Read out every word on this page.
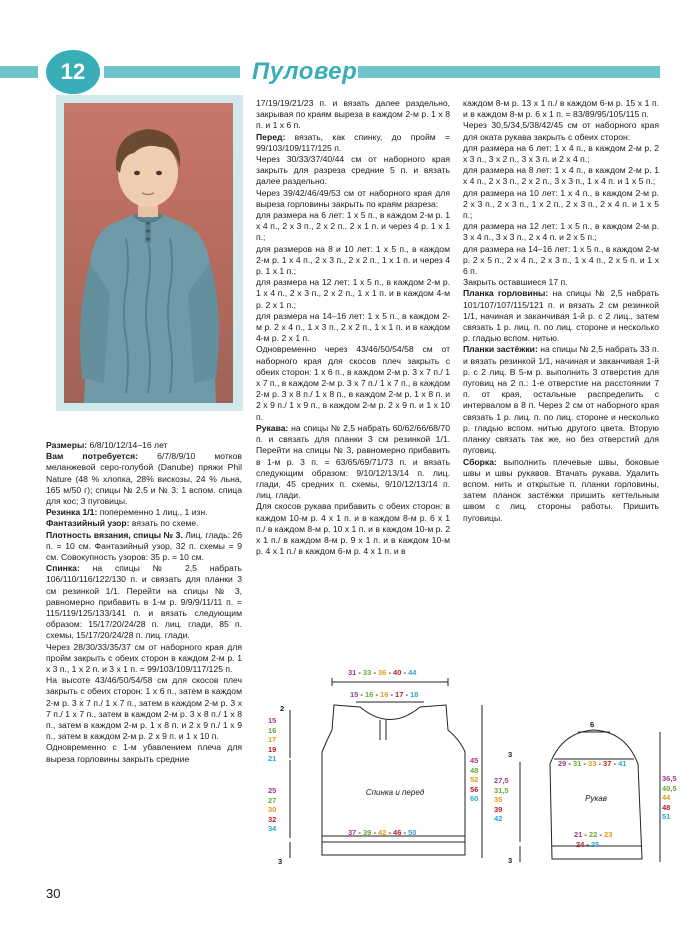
12	Пуловер

Размеры: 6/8/10/12/14–16 лет

Вам потребуется: 6/7/8/9/10 мотков меланжевой серо-голубой (Danube) пряжи Phil Nature (48 % хлопка, 28% вискозы, 24 % льна, 165 м/50 г); спицы № 2,5 и № 3: 1 вспом. спица для кос; 3 пуговицы.

Резинка 1/1: попеременно 1 лиц., 1 изн.

Фантазийный узор: вязать по схеме.

Плотность вязания, спицы № 3. Лиц. гладь: 26 п. = 10 см. Фантазийный узор, 32 п. схемы = 9 см. Совокупность узоров: 35 р. = 10 см.

Спинка: на спицы № 2,5 набрать 106/110/116/122/130 п. и связать для планки 3 см резинкой 1/1. Перейти на спицы № 3, равномерно прибавить в 1-м р. 9/9/9/11/11 п. = 115/119/125/133/141 п. и вязать следующим образом: 15/17/20/24/28 п. лиц. глади, 85 п. схемы, 15/17/20/24/28 п. лиц. глади.

Через 28/30/33/35/37 см от наборного края для пройм закрыть с обеих сторон в каждом 2-м р. 1 х 3 п., 1 х 2 п. и 3 х 1 п. = 99/103/109/117/125 п.

На высоте 43/46/50/54/58 см для скосов плеч закрыть с обеих сторон: 1 х 6 п., затем в каждом 2-м р. 3 х 7 п./ 1 х 7 п., затем в каждом 2-м р. 3 х 7 п./ 1 х 7 п., затем в каждом 2-м р. 3 х 8 п./ 1 х 8 п., затем в каждом 2-м р. 1 х 8 п. и 2 х 9 п./ 1 х 9 п., затем в каждом 2-м р. 2 х 9 п. и 1 х 10 п.

Одновременно с 1-м убавлением плеча для выреза горловины закрыть средние

17/19/19/21/23 п. и вязать далее раздельно, закрывая по краям выреза в каждом 2-м р. 1 х 8 п. и 1 х 6 п.

Перед: вязать, как спинку, до пройм = 99/103/109/117/125 п.

Через 30/33/37/40/44 см от наборного края закрыть для разреза средние 5 п. и вязать далее раздельно.

Через 39/42/46/49/53 см от наборного края для выреза горловины закрыть по краям разреза:

для размера на 6 лет: 1 х 5 п., в каждом 2-м р. 1 х 4 п., 2 х 3 п., 2 х 2 п., 2 х 1 п. и через 4 р. 1 х 1 п.;

для размеров на 8 и 10 лет: 1 х 5 п., в каждом 2-м р. 1 х 4 п., 2 х 3 п., 2 х 2 п., 1 х 1 п. и через 4 р. 1 х 1 п.;

для размера на 12 лет: 1 х 5 п., в каждом 2-м р. 1 х 4 п., 2 х 3 п., 2 х 2 п., 1 х 1 п. и в каждом 4-м р. 2 х 1 п.;

для размера на 14–16 лет: 1 х 5 п., в каждом 2-м р. 2 х 4 п., 1 х 3 п., 2 х 2 п., 1 х 1 п. и в каждом 4-м р. 2 х 1 п.

Одновременно через 43/46/50/54/58 см от наборного края для скосов плеч закрыть с обеих сторон: 1 х 6 п., в каждом 2-м р. 3 х 7 п./ 1 х 7 п., в каждом 2-м р. 3 х 7 п./ 1 х 7 п., в каждом 2-м р. 3 х 8 п./ 1 х 8 п., в каждом 2-м р. 1 х 8 п. и 2 х 9 п./ 1 х 9 п., в каждом 2-м р. 2 х 9 п. и 1 х 10 п.

Рукава: на спицы № 2,5 набрать 60/62/66/68/70 п. и связать для планки 3 см резинкой 1/1. Перейти на спицы № 3, равномерно прибавить в 1-м р. 3 п. = 63/65/69/71/73 п. и вязать следующим образом: 9/10/12/13/14 п. лиц. глади, 45 средних п. схемы, 9/10/12/13/14 п. лиц. глади.

Для скосов рукава прибавить с обеих сторон: в каждом 10-м р. 4 х 1 п. и в каждом 8-м р. 6 х 1 п./ в каждом 8-м р. 10 х 1 п. и в каждом 10-м р. 2 х 1 п./ в каждом 8-м р. 9 х 1 п. и в каждом 10-м р. 4 х 1 п./ в каждом 6-м р. 4 х 1 п. и в

каждом 8-м р. 13 х 1 п./ в каждом 6-м р. 15 х 1 п. и в каждом 8-м р. 6 х 1 п. = 83/89/95/105/115 п.

Через 30,5/34,5/38/42/45 см от наборного края для оката рукава закрыть с обеих сторон:

для размера на 6 лет: 1 х 4 п., в каждом 2-м р. 2 х 3 п., 3 х 2 п., 3 х 3 п. и 2 х 4 п.;

для размера на 8 лет: 1 х 4 п., в каждом 2-м р. 1 х 4 п., 2 х 3 п., 2 х 2 п., 3 х 3 п., 1 х 4 п. и 1 х 5 п.;

для размера на 10 лет: 1 х 4 п., в каждом 2-м р. 2 х 3 п., 2 х 3 п., 1 х 2 п., 2 х 3 п., 2 х 4 п. и 1 х 5 п.;

для размера на 12 лет: 1 х 5 п., в каждом 2-м р. 3 х 4 п., 3 х 3 п., 2 х 4 п. и 2 х 5 п.;

для размера на 14–16 лет: 1 х 5 п., в каждом 2-м р. 2 х 5 п., 2 х 4 п., 2 х 3 п., 1 х 4 п., 2 х 5 п. и 1 х 6 п.

Закрыть оставшиеся 17 п.

Планка горловины: на спицы № 2,5 набрать 101/107/107/115/121 п. и вязать 2 см резинкой 1/1, начиная и заканчивая 1-й р. с 2 лиц., затем связать 1 р. лиц. п. по лиц. стороне и несколько р. гладью вспом. нитью.

Планки застёжки: на спицы № 2,5 набрать 33 п. и вязать резинкой 1/1, начиная и заканчивая 1-й р. с 2 лиц. В 5-м р. выполнить 3 отверстия для пуговиц на 2 п.: 1-е отверстие на расстоянии 7 п. от края, остальные распределить с интервалом в 8 п. Через 2 см от наборного края связать 1 р. лиц. п. по лиц. стороне и несколько р. гладью вспом. нитью другого цвета. Вторую планку связать так же, но без отверстий для пуговиц.

Сборка: выполнить плечевые швы, боковые швы и швы рукавов. Втачать рукава. Удалить вспом. нить и открытые п. планки горловины, затем планок застёжки пришить кеттельным швом с лиц. стороны работы. Пришить пуговицы.

31 - 33 - 36 - 40 - 44
15 - 16 - 16 - 17 - 18
2
15
16
17
19
21
25
27
30
32
34
3
45
48
52
56
60
37 - 39 - 42 - 46 - 50
Спинка и перед
6
29 - 31 - 33 - 37 - 41
3
27,5
31,5
35
39
42
3
36,5
40,5
44
48
51
21 - 22 - 23
24 - 25
Рукав
30
